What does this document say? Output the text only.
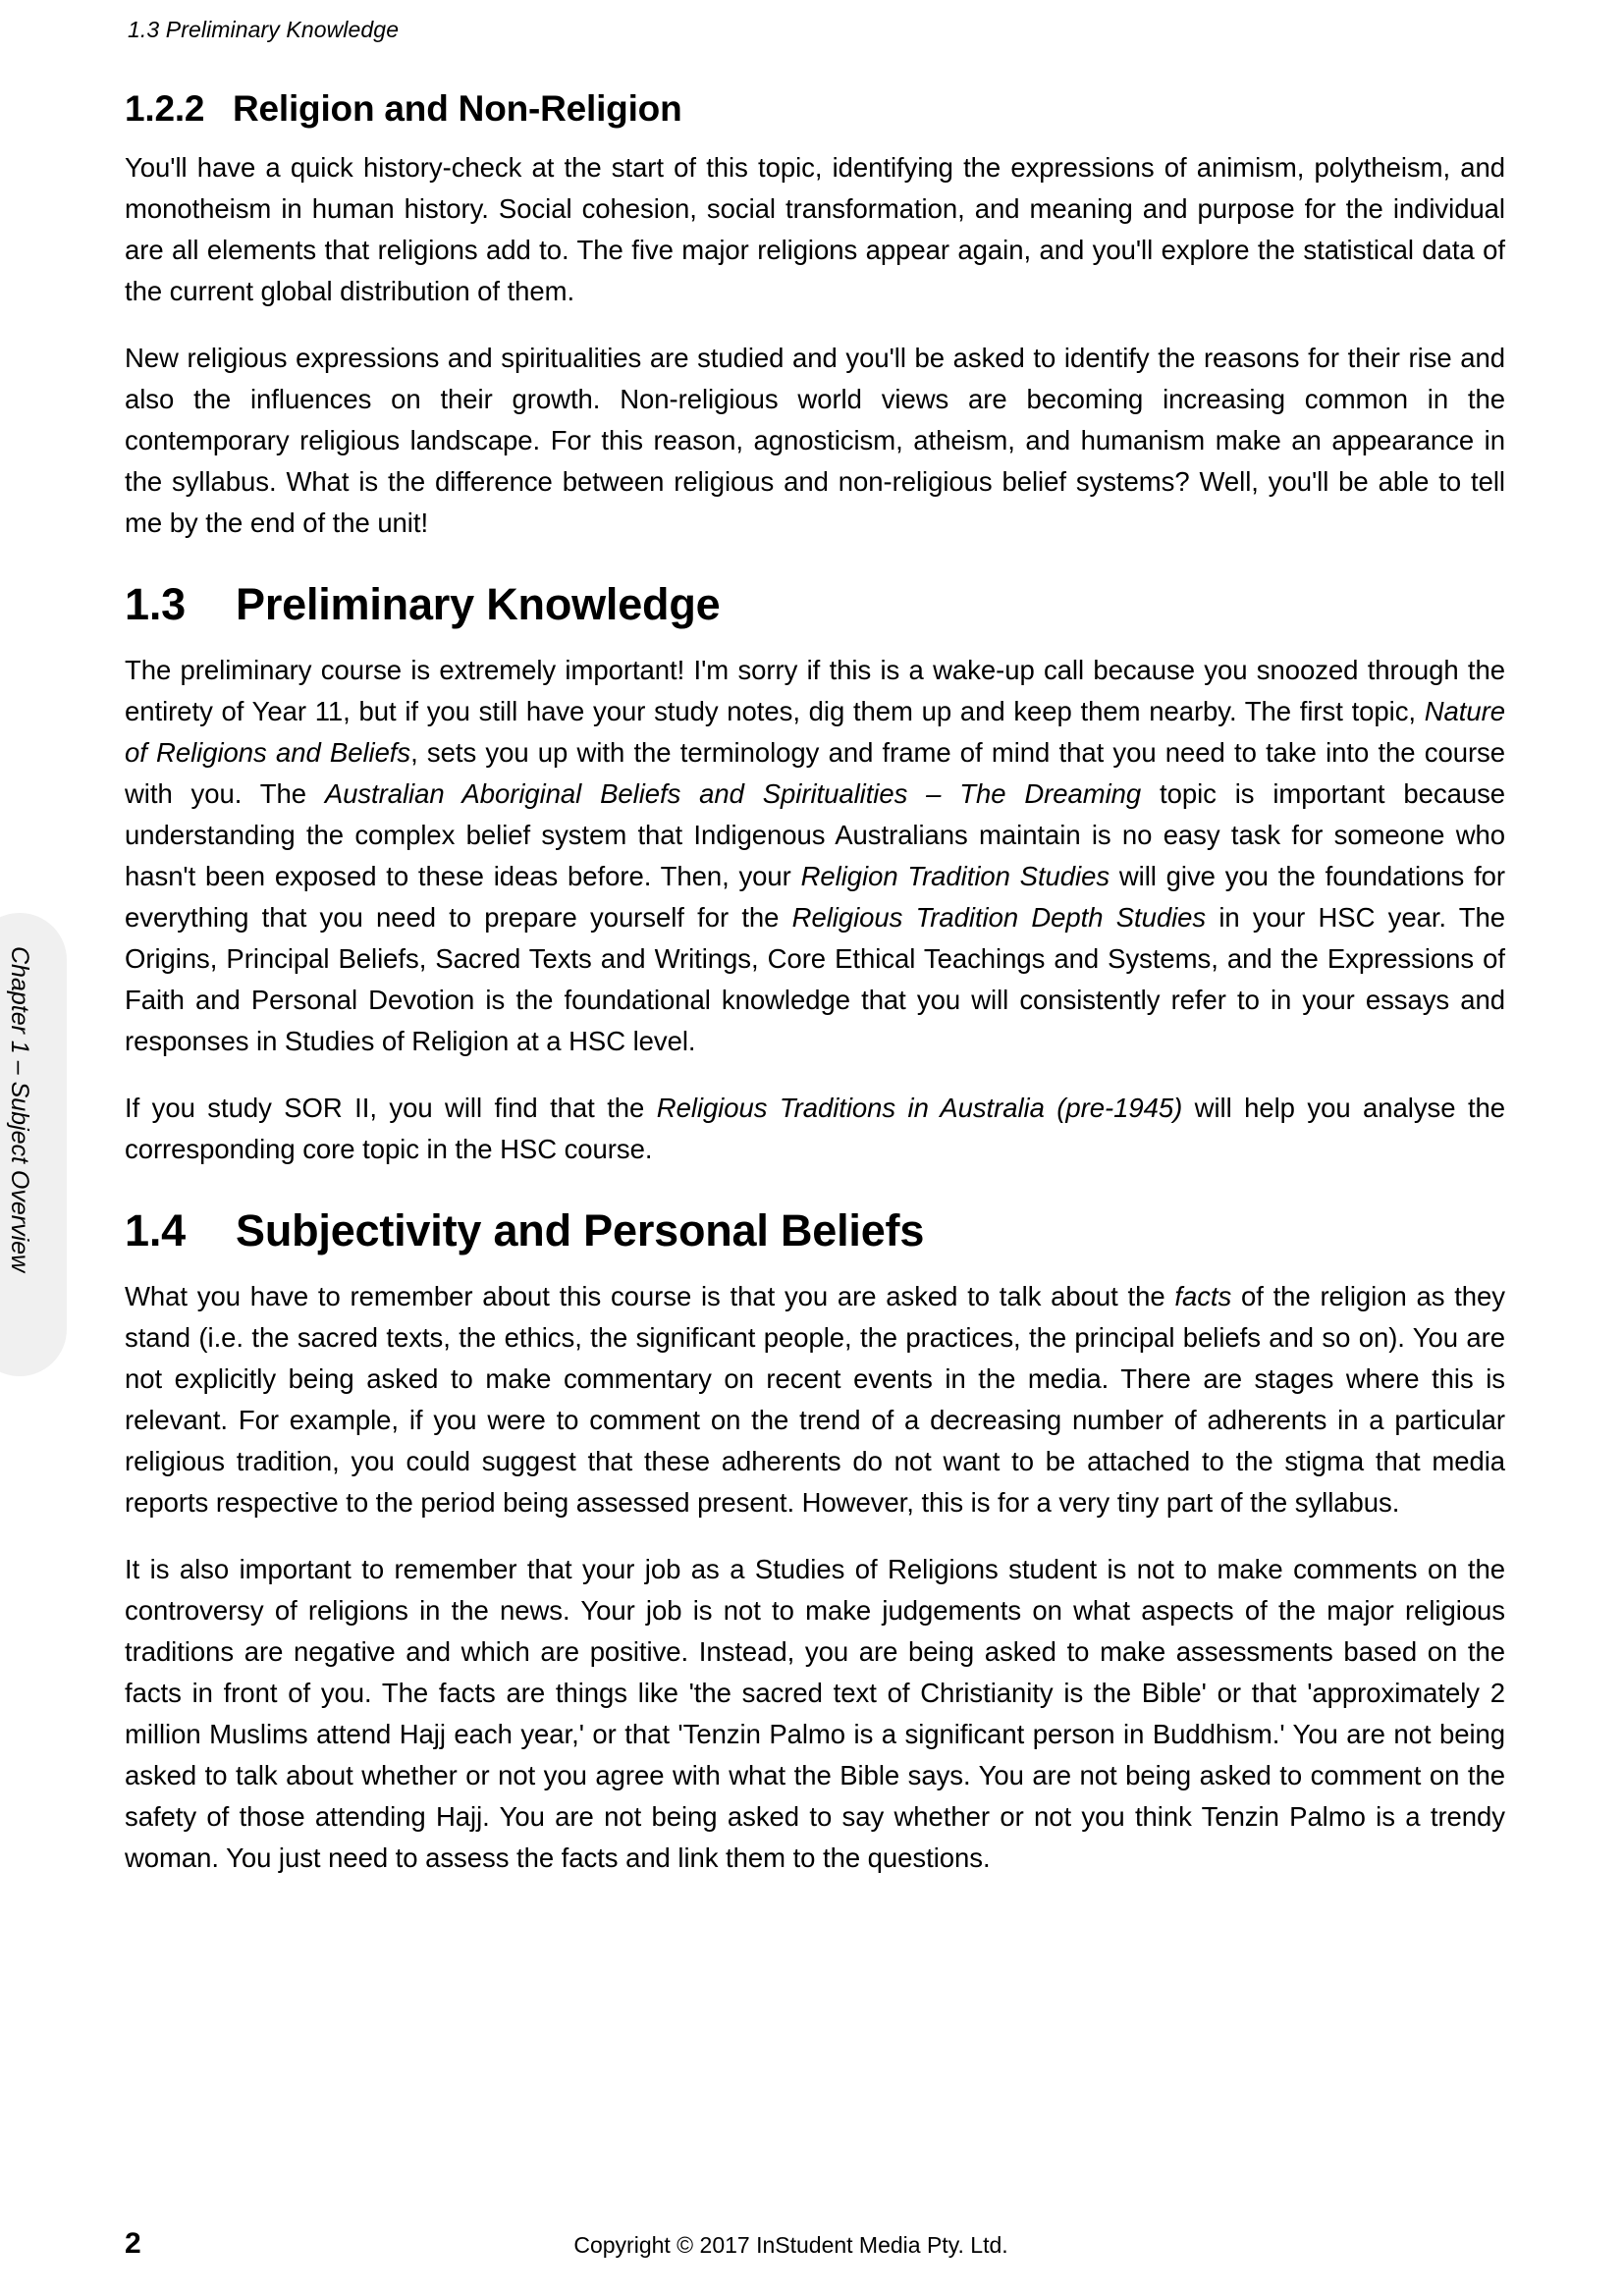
1.3 Preliminary Knowledge
Chapter 1 – Subject Overview
1.2.2 Religion and Non-Religion

You'll have a quick history-check at the start of this topic, identifying the expressions of animism, polytheism, and monotheism in human history. Social cohesion, social transformation, and meaning and purpose for the individual are all elements that religions add to. The five major religions appear again, and you'll explore the statistical data of the current global distribution of them.

New religious expressions and spiritualities are studied and you'll be asked to identify the reasons for their rise and also the influences on their growth. Non-religious world views are becoming increasing common in the contemporary religious landscape. For this reason, agnosticism, atheism, and humanism make an appearance in the syllabus. What is the difference between religious and non-religious belief systems? Well, you'll be able to tell me by the end of the unit!

1.3 Preliminary Knowledge

The preliminary course is extremely important! I'm sorry if this is a wake-up call because you snoozed through the entirety of Year 11, but if you still have your study notes, dig them up and keep them nearby. The first topic, Nature of Religions and Beliefs, sets you up with the terminology and frame of mind that you need to take into the course with you. The Australian Aboriginal Beliefs and Spiritualities – The Dreaming topic is important because understanding the complex belief system that Indigenous Australians maintain is no easy task for someone who hasn't been exposed to these ideas before. Then, your Religion Tradition Studies will give you the foundations for everything that you need to prepare yourself for the Religious Tradition Depth Studies in your HSC year. The Origins, Principal Beliefs, Sacred Texts and Writings, Core Ethical Teachings and Systems, and the Expressions of Faith and Personal Devotion is the foundational knowledge that you will consistently refer to in your essays and responses in Studies of Religion at a HSC level.

If you study SOR II, you will find that the Religious Traditions in Australia (pre-1945) will help you analyse the corresponding core topic in the HSC course.

1.4 Subjectivity and Personal Beliefs

What you have to remember about this course is that you are asked to talk about the facts of the religion as they stand (i.e. the sacred texts, the ethics, the significant people, the practices, the principal beliefs and so on). You are not explicitly being asked to make commentary on recent events in the media. There are stages where this is relevant. For example, if you were to comment on the trend of a decreasing number of adherents in a particular religious tradition, you could suggest that these adherents do not want to be attached to the stigma that media reports respective to the period being assessed present. However, this is for a very tiny part of the syllabus.

It is also important to remember that your job as a Studies of Religions student is not to make comments on the controversy of religions in the news. Your job is not to make judgements on what aspects of the major religious traditions are negative and which are positive. Instead, you are being asked to make assessments based on the facts in front of you. The facts are things like 'the sacred text of Christianity is the Bible' or that 'approximately 2 million Muslims attend Hajj each year,' or that 'Tenzin Palmo is a significant person in Buddhism.' You are not being asked to talk about whether or not you agree with what the Bible says. You are not being asked to comment on the safety of those attending Hajj. You are not being asked to say whether or not you think Tenzin Palmo is a trendy woman. You just need to assess the facts and link them to the questions.

2	Copyright © 2017 InStudent Media Pty. Ltd.
